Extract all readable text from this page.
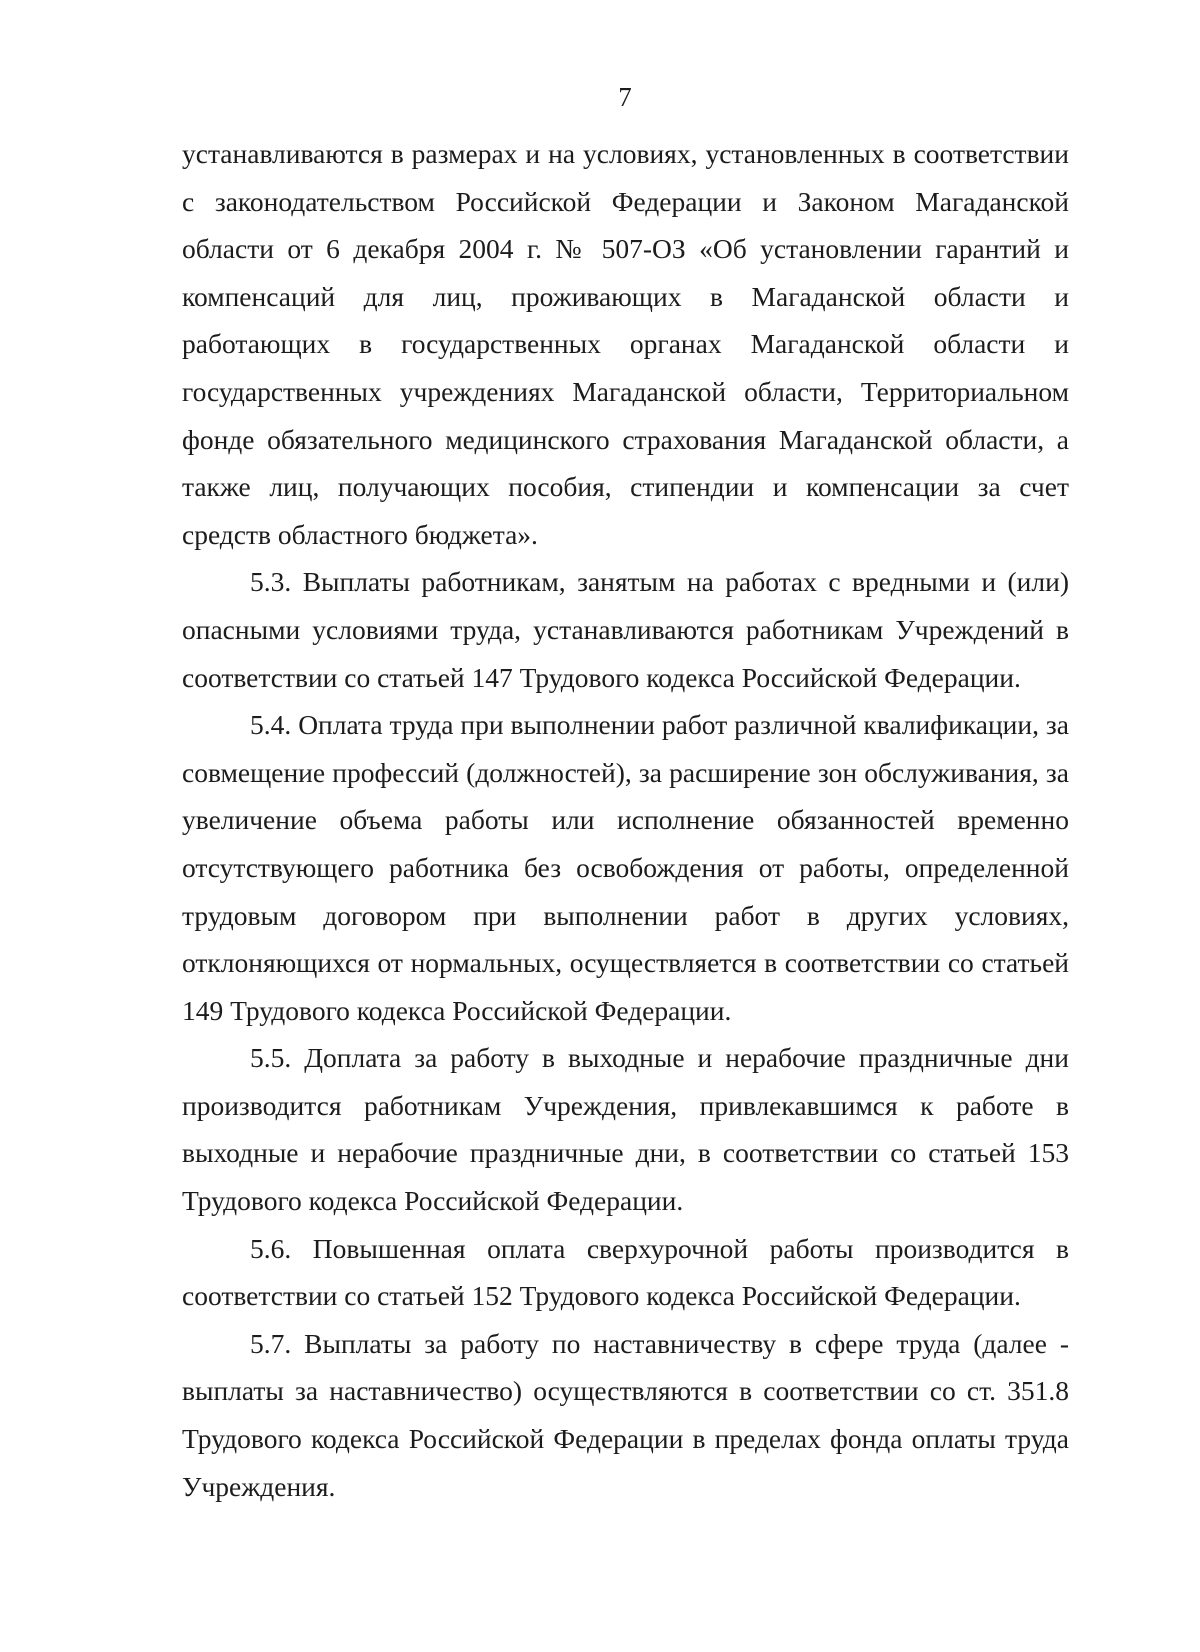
7

устанавливаются в размерах и на условиях, установленных в соответствии с законодательством Российской Федерации и Законом Магаданской области от 6 декабря 2004 г. № 507-ОЗ «Об установлении гарантий и компенсаций для лиц, проживающих в Магаданской области и работающих в государственных органах Магаданской области и государственных учреждениях Магаданской области, Территориальном фонде обязательного медицинского страхования Магаданской области, а также лиц, получающих пособия, стипендии и компенсации за счет средств областного бюджета».

5.3. Выплаты работникам, занятым на работах с вредными и (или) опасными условиями труда, устанавливаются работникам Учреждений в соответствии со статьей 147 Трудового кодекса Российской Федерации.

5.4. Оплата труда при выполнении работ различной квалификации, за совмещение профессий (должностей), за расширение зон обслуживания, за увеличение объема работы или исполнение обязанностей временно отсутствующего работника без освобождения от работы, определенной трудовым договором при выполнении работ в других условиях, отклоняющихся от нормальных, осуществляется в соответствии со статьей 149 Трудового кодекса Российской Федерации.

5.5. Доплата за работу в выходные и нерабочие праздничные дни производится работникам Учреждения, привлекавшимся к работе в выходные и нерабочие праздничные дни, в соответствии со статьей 153 Трудового кодекса Российской Федерации.

5.6. Повышенная оплата сверхурочной работы производится в соответствии со статьей 152 Трудового кодекса Российской Федерации.

5.7. Выплаты за работу по наставничеству в сфере труда (далее - выплаты за наставничество) осуществляются в соответствии со ст. 351.8 Трудового кодекса Российской Федерации в пределах фонда оплаты труда Учреждения.
